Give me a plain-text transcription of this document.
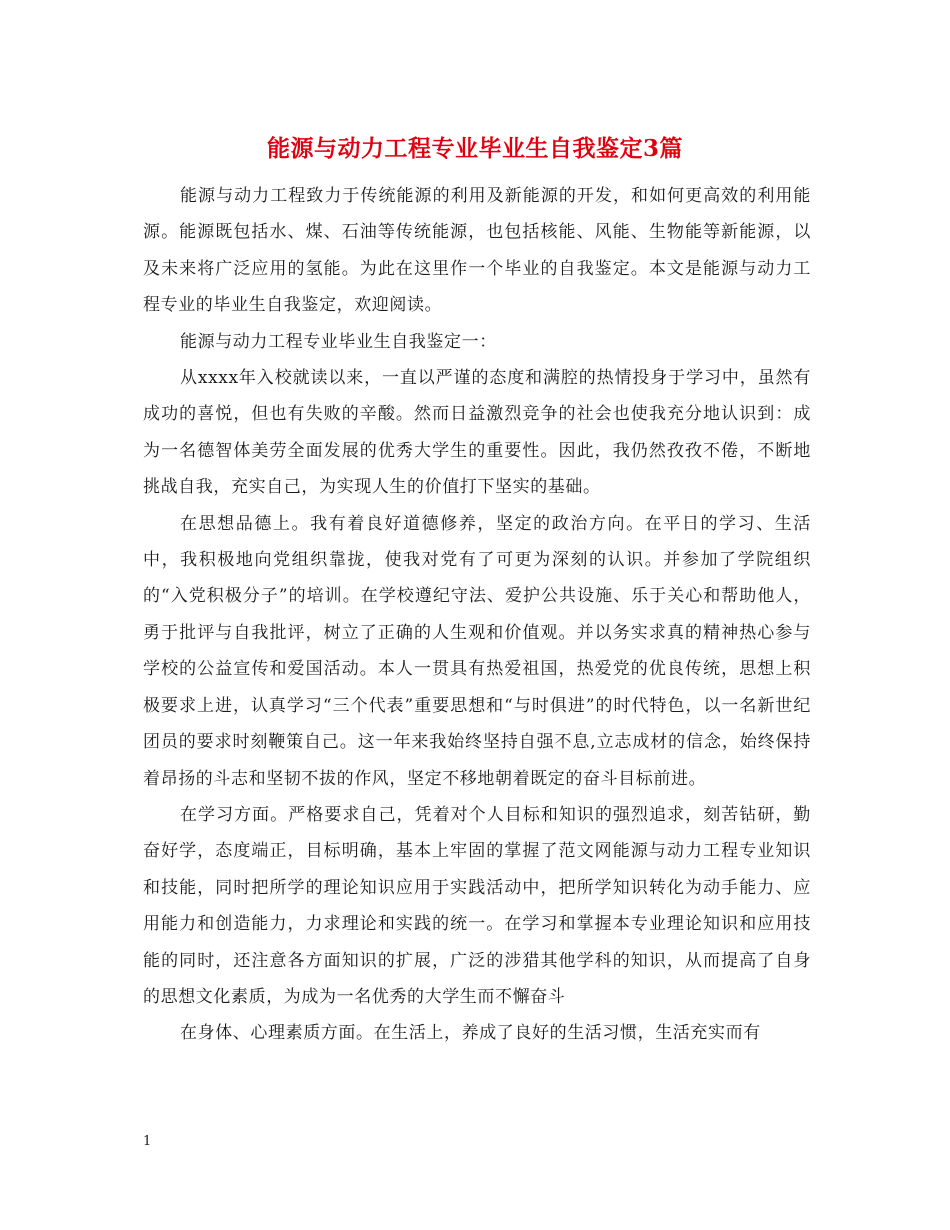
能源与动力工程专业毕业生自我鉴定3篇

能源与动力工程致力于传统能源的利用及新能源的开发，和如何更高效的利用能源。能源既包括水、煤、石油等传统能源，也包括核能、风能、生物能等新能源，以及未来将广泛应用的氢能。为此在这里作一个毕业的自我鉴定。本文是能源与动力工程专业的毕业生自我鉴定，欢迎阅读。

能源与动力工程专业毕业生自我鉴定一：

从xxxx年入校就读以来，一直以严谨的态度和满腔的热情投身于学习中，虽然有成功的喜悦，但也有失败的辛酸。然而日益激烈竞争的社会也使我充分地认识到：成为一名德智体美劳全面发展的优秀大学生的重要性。因此，我仍然孜孜不倦，不断地挑战自我，充实自己，为实现人生的价值打下坚实的基础。

在思想品德上。我有着良好道德修养，坚定的政治方向。在平日的学习、生活中，我积极地向党组织靠拢，使我对党有了可更为深刻的认识。并参加了学院组织的“入党积极分子”的培训。在学校遵纪守法、爱护公共设施、乐于关心和帮助他人，勇于批评与自我批评，树立了正确的人生观和价值观。并以务实求真的精神热心参与学校的公益宣传和爱国活动。本人一贯具有热爱祖国，热爱党的优良传统，思想上积极要求上进，认真学习“三个代表”重要思想和“与时俱进”的时代特色，以一名新世纪团员的要求时刻鞭策自己。这一年来我始终坚持自强不息,立志成材的信念，始终保持着昂扬的斗志和坚韧不拔的作风，坚定不移地朝着既定的奋斗目标前进。

在学习方面。严格要求自己，凭着对个人目标和知识的强烈追求，刻苦钻研，勤奋好学，态度端正，目标明确，基本上牢固的掌握了范文网能源与动力工程专业知识和技能，同时把所学的理论知识应用于实践活动中，把所学知识转化为动手能力、应用能力和创造能力，力求理论和实践的统一。在学习和掌握本专业理论知识和应用技能的同时，还注意各方面知识的扩展，广泛的涉猎其他学科的知识，从而提高了自身的思想文化素质，为成为一名优秀的大学生而不懈奋斗

在身体、心理素质方面。在生活上，养成了良好的生活习惯，生活充实而有

1
